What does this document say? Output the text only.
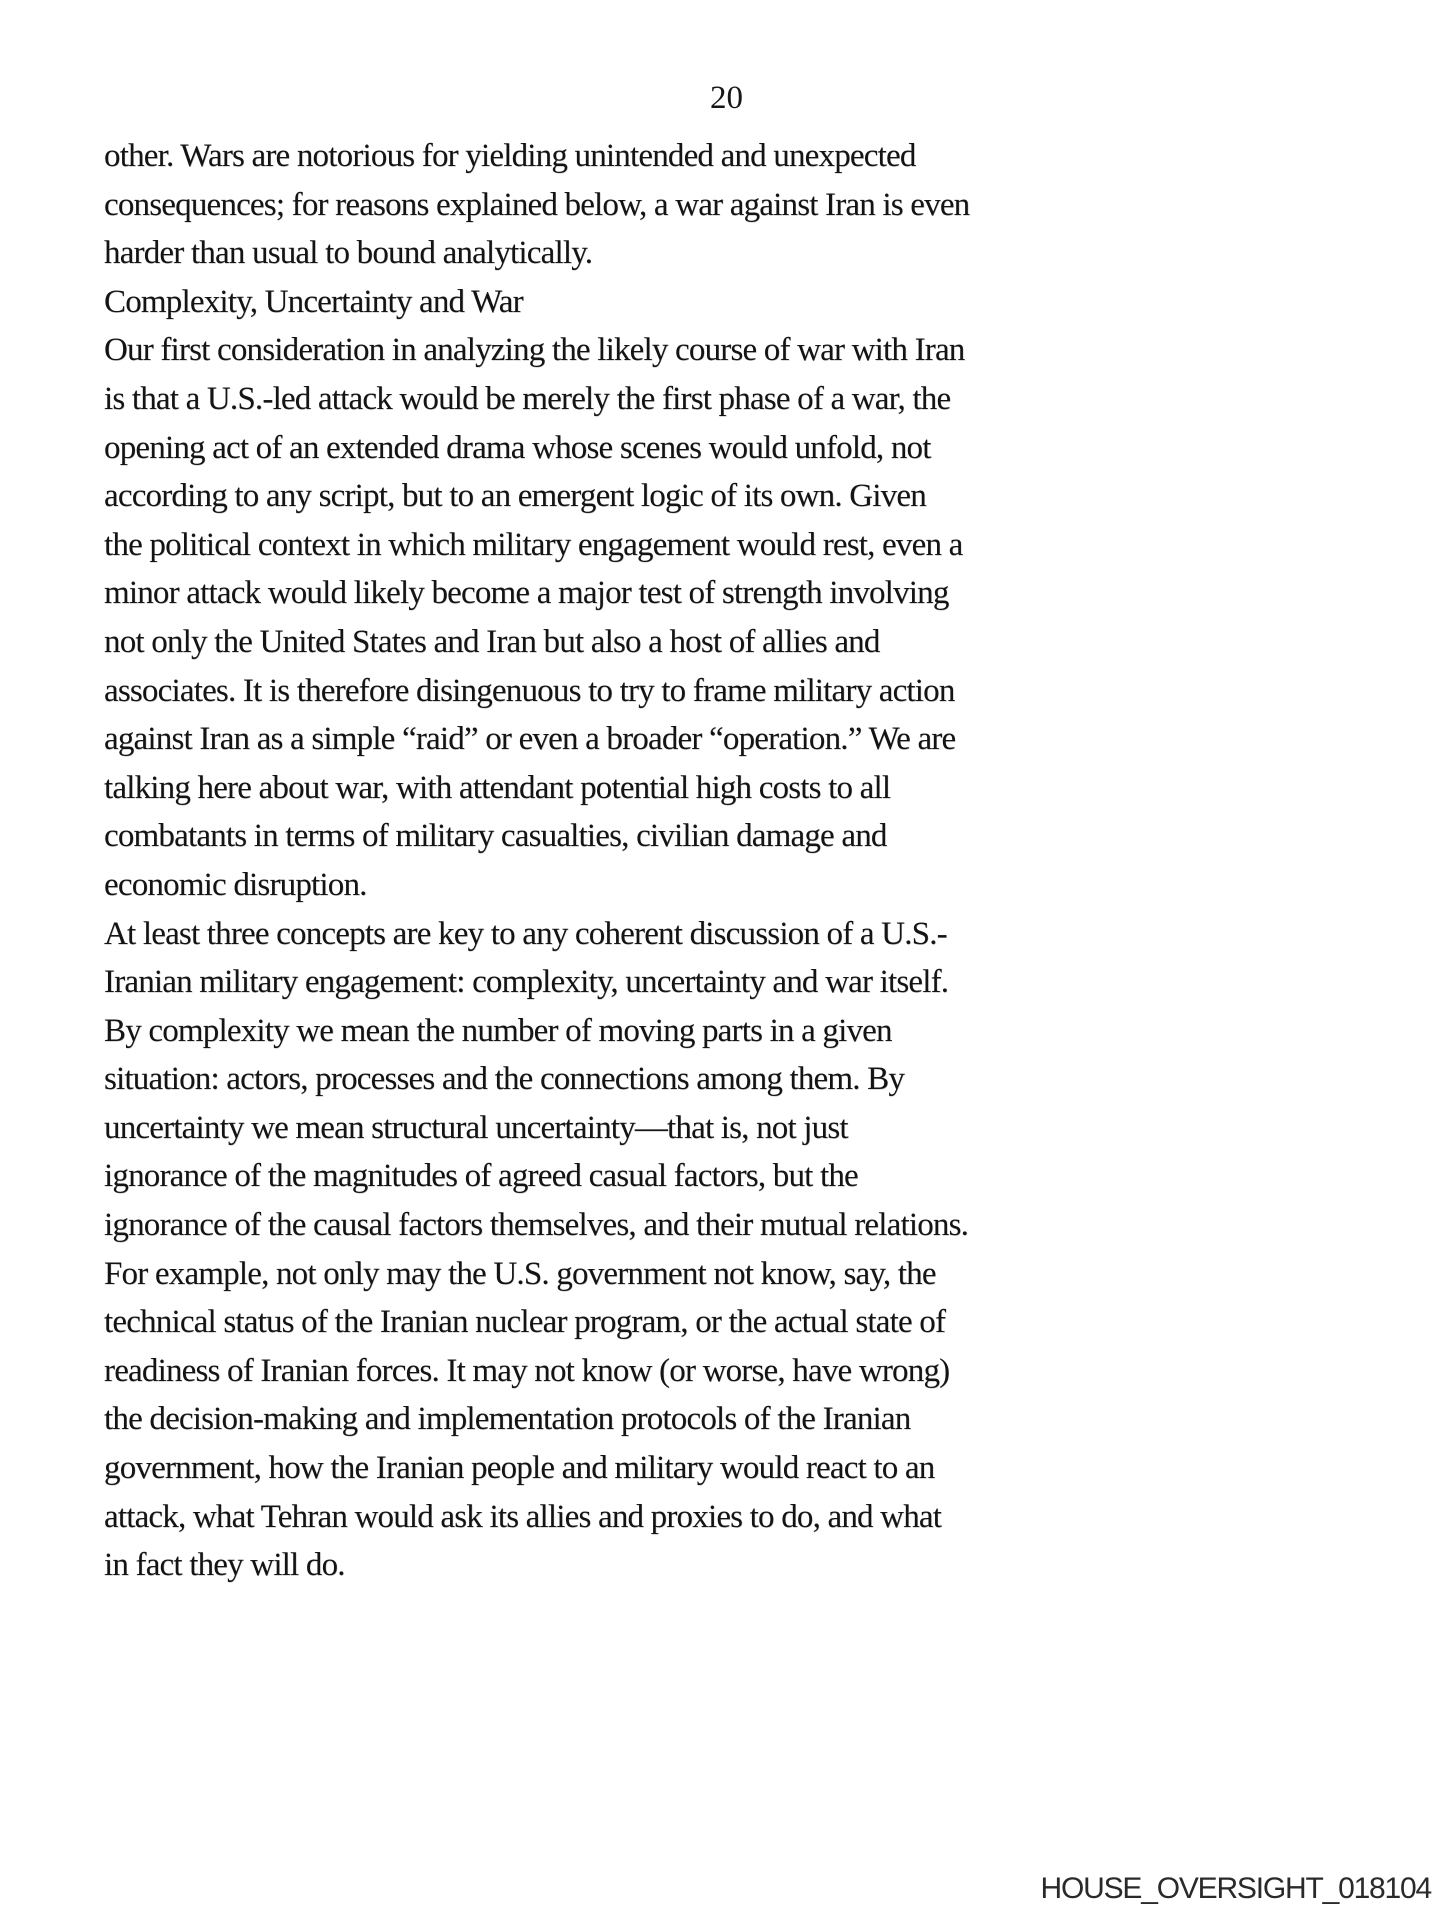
20
other. Wars are notorious for yielding unintended and unexpected
consequences; for reasons explained below, a war against Iran is even
harder than usual to bound analytically.
Complexity, Uncertainty and War
Our first consideration in analyzing the likely course of war with Iran
is that a U.S.-led attack would be merely the first phase of a war, the
opening act of an extended drama whose scenes would unfold, not
according to any script, but to an emergent logic of its own. Given
the political context in which military engagement would rest, even a
minor attack would likely become a major test of strength involving
not only the United States and Iran but also a host of allies and
associates. It is therefore disingenuous to try to frame military action
against Iran as a simple “raid” or even a broader “operation.” We are
talking here about war, with attendant potential high costs to all
combatants in terms of military casualties, civilian damage and
economic disruption.
At least three concepts are key to any coherent discussion of a U.S.-
Iranian military engagement: complexity, uncertainty and war itself.
By complexity we mean the number of moving parts in a given
situation: actors, processes and the connections among them. By
uncertainty we mean structural uncertainty—that is, not just
ignorance of the magnitudes of agreed casual factors, but the
ignorance of the causal factors themselves, and their mutual relations.
For example, not only may the U.S. government not know, say, the
technical status of the Iranian nuclear program, or the actual state of
readiness of Iranian forces. It may not know (or worse, have wrong)
the decision-making and implementation protocols of the Iranian
government, how the Iranian people and military would react to an
attack, what Tehran would ask its allies and proxies to do, and what
in fact they will do.
HOUSE_OVERSIGHT_018104
